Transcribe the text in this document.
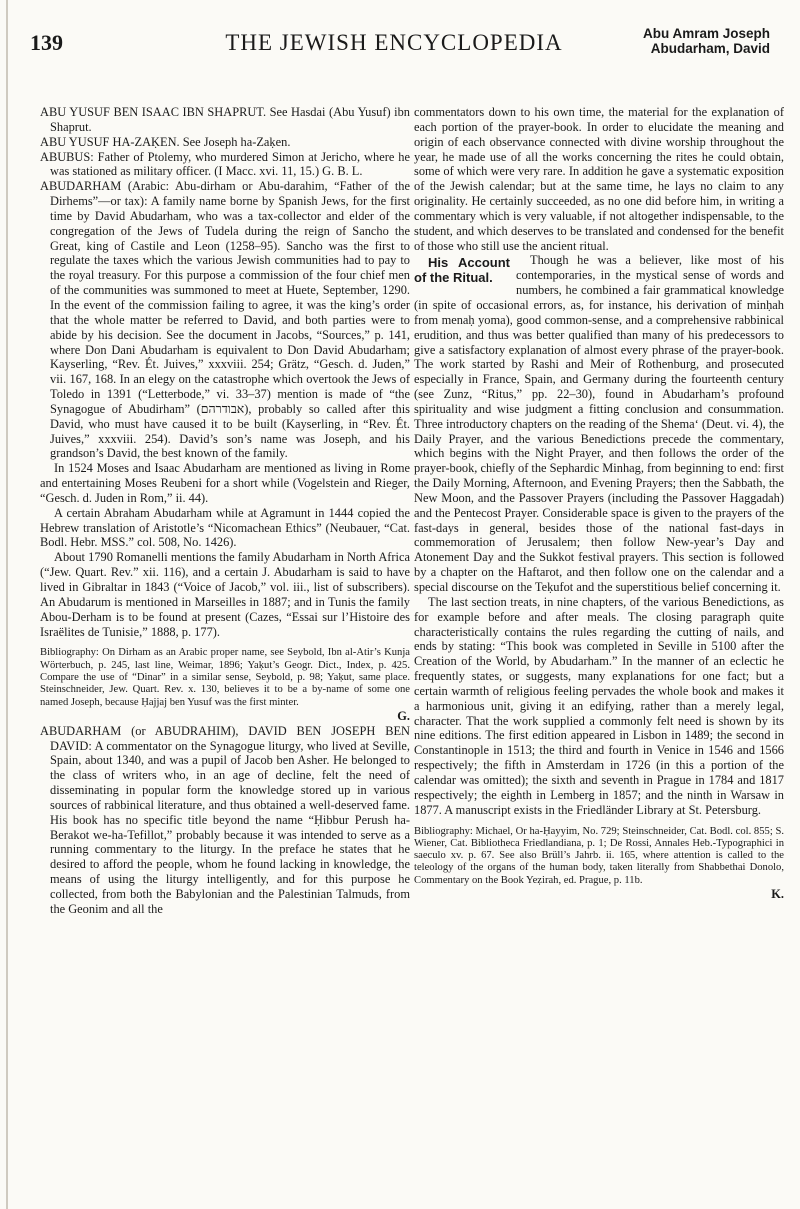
139	THE JEWISH ENCYCLOPEDIA	Abu Amram Joseph
Abudarham, David

ABU YUSUF BEN ISAAC IBN SHAPRUT. See Hasdai (Abu Yusuf) ibn Shaprut.

ABU YUSUF HA-ZAḲEN. See Joseph ha-Zaḳen.

ABUBUS: Father of Ptolemy, who murdered Simon at Jericho, where he was stationed as military officer. (I Macc. xvi. 11, 15.) G. B. L.

ABUDARHAM (Arabic: Abu-dirham or Abu-darahim, “Father of the Dirhems”—or tax): A family name borne by Spanish Jews, for the first time by David Abudarham, who was a tax-collector and elder of the congregation of the Jews of Tudela during the reign of Sancho the Great, king of Castile and Leon (1258–95). Sancho was the first to regulate the taxes which the various Jewish communities had to pay to the royal treasury. For this purpose a commission of the four chief men of the communities was summoned to meet at Huete, September, 1290. In the event of the commission failing to agree, it was the king’s order that the whole matter be referred to David, and both parties were to abide by his decision. See the document in Jacobs, “Sources,” p. 141, where Don Dani Abudarham is equivalent to Don David Abudarham; Kayserling, “Rev. Ét. Juives,” xxxviii. 254; Grätz, “Gesch. d. Juden,” vii. 167, 168. In an elegy on the catastrophe which overtook the Jews of Toledo in 1391 (“Letterbode,” vi. 33–37) mention is made of “the Synagogue of Abudirham” (אבודרהם), probably so called after this David, who must have caused it to be built (Kayserling, in “Rev. Ét. Juives,” xxxviii. 254). David’s son’s name was Joseph, and his grandson’s David, the best known of the family.

In 1524 Moses and Isaac Abudarham are mentioned as living in Rome and entertaining Moses Reubeni for a short while (Vogelstein and Rieger, “Gesch. d. Juden in Rom,” ii. 44).

A certain Abraham Abudarham while at Agramunt in 1444 copied the Hebrew translation of Aristotle’s “Nicomachean Ethics” (Neubauer, “Cat. Bodl. Hebr. MSS.” col. 508, No. 1426).

About 1790 Romanelli mentions the family Abudarham in North Africa (“Jew. Quart. Rev.” xii. 116), and a certain J. Abudarham is said to have lived in Gibraltar in 1843 (“Voice of Jacob,” vol. iii., list of subscribers). An Abudarum is mentioned in Marseilles in 1887; and in Tunis the family Abou-Derham is to be found at present (Cazes, “Essai sur l’Histoire des Israëlites de Tunisie,” 1888, p. 177).

Bibliography: On Dirham as an Arabic proper name, see Seybold, Ibn al-Atir’s Kunja Wörterbuch, p. 245, last line, Weimar, 1896; Yaḳut’s Geogr. Dict., Index, p. 425. Compare the use of “Dinar” in a similar sense, Seybold, p. 98; Yaḳut, same place. Steinschneider, Jew. Quart. Rev. x. 130, believes it to be a by-name of some one named Joseph, because Ḥajjaj ben Yusuf was the first minter.

G.

ABUDARHAM (or ABUDRAHIM), DAVID BEN JOSEPH BEN DAVID: A commentator on the Synagogue liturgy, who lived at Seville, Spain, about 1340, and was a pupil of Jacob ben Asher. He belonged to the class of writers who, in an age of decline, felt the need of disseminating in popular form the knowledge stored up in various sources of rabbinical literature, and thus obtained a well-deserved fame. His book has no specific title beyond the name “Ḥibbur Perush ha-Berakot we-ha-Tefillot,” probably because it was intended to serve as a running commentary to the liturgy. In the preface he states that he desired to afford the people, whom he found lacking in knowledge, the means of using the liturgy intelligently, and for this purpose he collected, from both the Babylonian and the Palestinian Talmuds, from the Geonim and all the

commentators down to his own time, the material for the explanation of each portion of the prayer-book. In order to elucidate the meaning and origin of each observance connected with divine worship throughout the year, he made use of all the works concerning the rites he could obtain, some of which were very rare. In addition he gave a systematic exposition of the Jewish calendar; but at the same time, he lays no claim to any originality. He certainly succeeded, as no one did before him, in writing a commentary which is very valuable, if not altogether indispensable, to the student, and which deserves to be translated and condensed for the benefit of those who still use the ancient ritual.

His Account of the Ritual.
Though he was a believer, like most of his contemporaries, in the mystical sense of words and numbers, he combined a fair grammatical knowledge (in spite of occasional errors, as, for instance, his derivation of minḥah from menaḥ yoma), good common-sense, and a comprehensive rabbinical erudition, and thus was better qualified than many of his predecessors to give a satisfactory explanation of almost every phrase of the prayer-book. The work started by Rashi and Meir of Rothenburg, and prosecuted especially in France, Spain, and Germany during the fourteenth century (see Zunz, “Ritus,” pp. 22–30), found in Abudarham’s profound spirituality and wise judgment a fitting conclusion and consummation. Three introductory chapters on the reading of the Shema‘ (Deut. vi. 4), the Daily Prayer, and the various Benedictions precede the commentary, which begins with the Night Prayer, and then follows the order of the prayer-book, chiefly of the Sephardic Minhag, from beginning to end: first the Daily Morning, Afternoon, and Evening Prayers; then the Sabbath, the New Moon, and the Passover Prayers (including the Passover Haggadah) and the Pentecost Prayer. Considerable space is given to the prayers of the fast-days in general, besides those of the national fast-days in commemoration of Jerusalem; then follow New-year’s Day and Atonement Day and the Sukkot festival prayers. This section is followed by a chapter on the Haftarot, and then follow one on the calendar and a special discourse on the Teḳufot and the superstitious belief concerning it.

The last section treats, in nine chapters, of the various Benedictions, as for example before and after meals. The closing paragraph quite characteristically contains the rules regarding the cutting of nails, and ends by stating: “This book was completed in Seville in 5100 after the Creation of the World, by Abudarham.” In the manner of an eclectic he frequently states, or suggests, many explanations for one fact; but a certain warmth of religious feeling pervades the whole book and makes it a harmonious unit, giving it an edifying, rather than a merely legal, character. That the work supplied a commonly felt need is shown by its nine editions. The first edition appeared in Lisbon in 1489; the second in Constantinople in 1513; the third and fourth in Venice in 1546 and 1566 respectively; the fifth in Amsterdam in 1726 (in this a portion of the calendar was omitted); the sixth and seventh in Prague in 1784 and 1817 respectively; the eighth in Lemberg in 1857; and the ninth in Warsaw in 1877. A manuscript exists in the Friedländer Library at St. Petersburg.

Bibliography: Michael, Or ha-Ḥayyim, No. 729; Steinschneider, Cat. Bodl. col. 855; S. Wiener, Cat. Bibliotheca Friedlandiana, p. 1; De Rossi, Annales Heb.-Typographici in saeculo xv. p. 67. See also Brüll’s Jahrb. ii. 165, where attention is called to the teleology of the organs of the human body, taken literally from Shabbethai Donolo, Commentary on the Book Yeẓirah, ed. Prague, p. 11b.

K.
